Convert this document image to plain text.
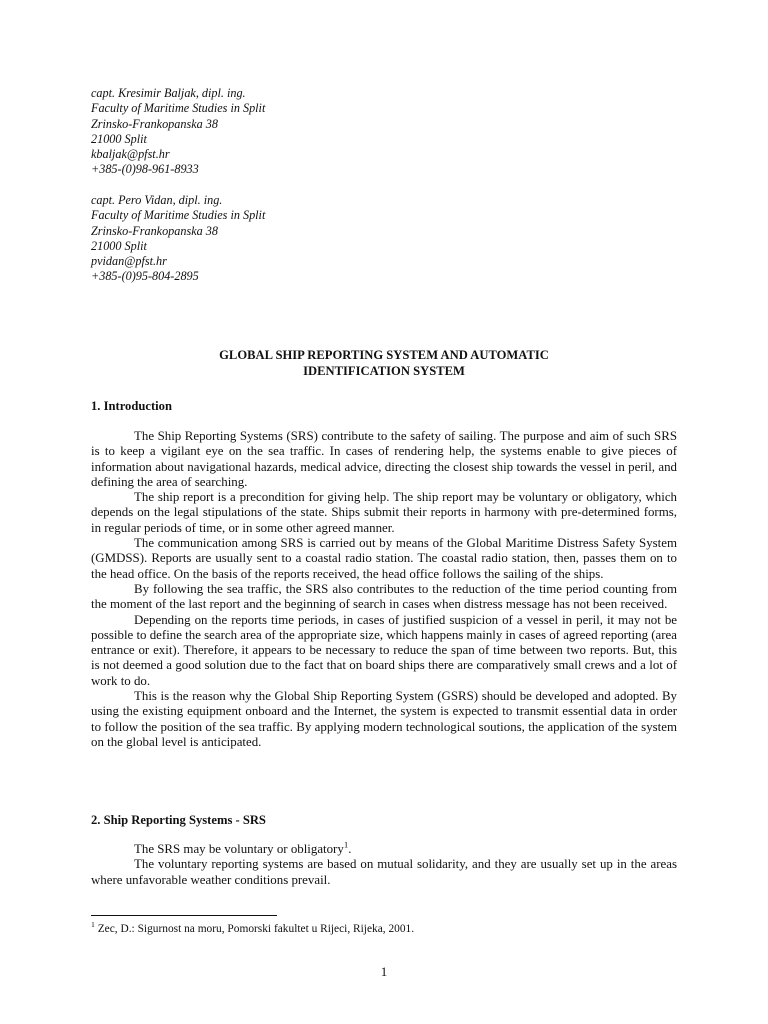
capt. Kresimir Baljak, dipl. ing.
Faculty of Maritime Studies in Split
Zrinsko-Frankopanska 38
21000 Split
kbaljak@pfst.hr
+385-(0)98-961-8933
capt. Pero Vidan, dipl. ing.
Faculty of Maritime Studies in Split
Zrinsko-Frankopanska 38
21000 Split
pvidan@pfst.hr
+385-(0)95-804-2895
GLOBAL SHIP REPORTING SYSTEM AND AUTOMATIC
IDENTIFICATION SYSTEM
1. Introduction

The Ship Reporting Systems (SRS) contribute to the safety of sailing. The purpose and aim of such SRS is to keep a vigilant eye on the sea traffic. In cases of rendering help, the systems enable to give pieces of information about navigational hazards, medical advice, directing the closest ship towards the vessel in peril, and defining the area of searching.

The ship report is a precondition for giving help. The ship report may be voluntary or obligatory, which depends on the legal stipulations of the state. Ships submit their reports in harmony with pre-determined forms, in regular periods of time, or in some other agreed manner.

The communication among SRS is carried out by means of the Global Maritime Distress Safety System (GMDSS). Reports are usually sent to a coastal radio station. The coastal radio station, then, passes them on to the head office. On the basis of the reports received, the head office follows the sailing of the ships.

By following the sea traffic, the SRS also contributes to the reduction of the time period counting from the moment of the last report and the beginning of search in cases when distress message has not been received.

Depending on the reports time periods, in cases of justified suspicion of a vessel in peril, it may not be possible to define the search area of the appropriate size, which happens mainly in cases of agreed reporting (area entrance or exit). Therefore, it appears to be necessary to reduce the span of time between two reports. But, this is not deemed a good solution due to the fact that on board ships there are comparatively small crews and a lot of work to do.

This is the reason why the Global Ship Reporting System (GSRS) should be developed and adopted. By using the existing equipment onboard and the Internet, the system is expected to transmit essential data in order to follow the position of the sea traffic. By applying modern technological soutions, the application of the system on the global level is anticipated.

2. Ship Reporting Systems - SRS

The SRS may be voluntary or obligatory$^1$.

The voluntary reporting systems are based on mutual solidarity, and they are usually set up in the areas where unfavorable weather conditions prevail.

$^1$ Zec, D.: Sigurnost na moru, Pomorski fakultet u Rijeci, Rijeka, 2001.
1
